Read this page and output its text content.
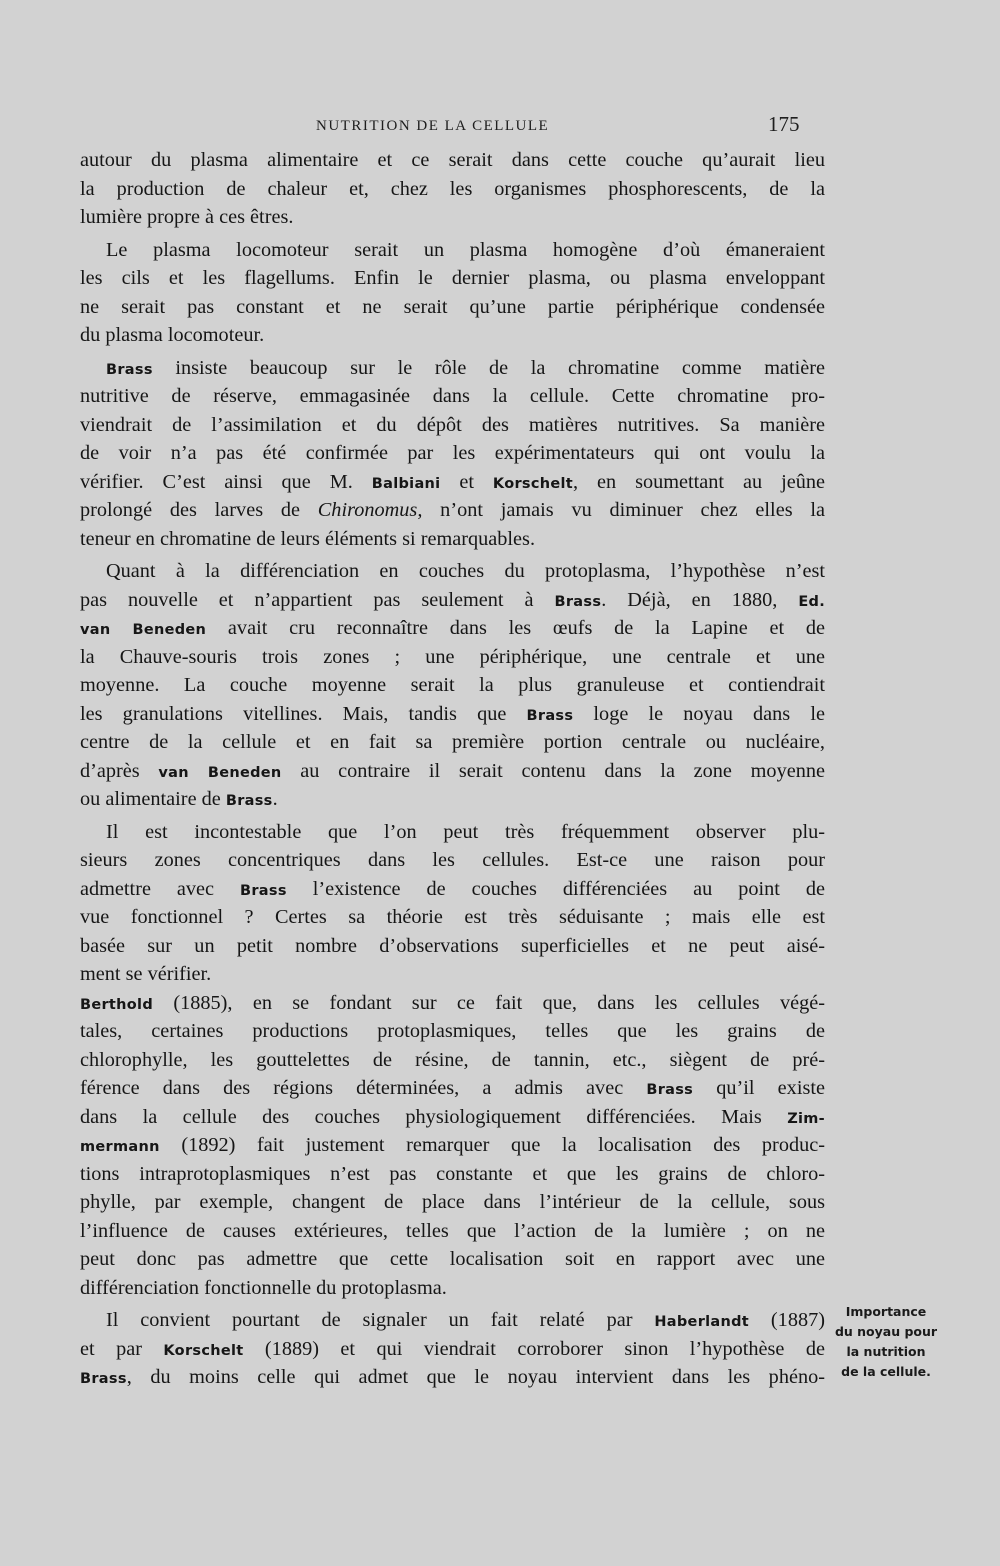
NUTRITION DE LA CELLULE	175
autour du plasma alimentaire et ce serait dans cette couche qu’aurait lieu
la production de chaleur et, chez les organismes phosphorescents, de la
lumière propre à ces êtres.
Le plasma locomoteur serait un plasma homogène d’où émaneraient
les cils et les flagellums. Enfin le dernier plasma, ou plasma enveloppant
ne serait pas constant et ne serait qu’une partie périphérique condensée
du plasma locomoteur.
Brass insiste beaucoup sur le rôle de la chromatine comme matière
nutritive de réserve, emmagasinée dans la cellule. Cette chromatine pro-
viendrait de l’assimilation et du dépôt des matières nutritives. Sa manière
de voir n’a pas été confirmée par les expérimentateurs qui ont voulu la
vérifier. C’est ainsi que M. Balbiani et Korschelt, en soumettant au jeûne
prolongé des larves de Chironomus, n’ont jamais vu diminuer chez elles la
teneur en chromatine de leurs éléments si remarquables.
Quant à la différenciation en couches du protoplasma, l’hypothèse n’est
pas nouvelle et n’appartient pas seulement à Brass. Déjà, en 1880, Ed.
van Beneden avait cru reconnaître dans les œufs de la Lapine et de
la Chauve-souris trois zones ; une périphérique, une centrale et une
moyenne. La couche moyenne serait la plus granuleuse et contiendrait
les granulations vitellines. Mais, tandis que Brass loge le noyau dans le
centre de la cellule et en fait sa première portion centrale ou nucléaire,
d’après van Beneden au contraire il serait contenu dans la zone moyenne
ou alimentaire de Brass.
Il est incontestable que l’on peut très fréquemment observer plu-
sieurs zones concentriques dans les cellules. Est-ce une raison pour
admettre avec Brass l’existence de couches différenciées au point de
vue fonctionnel ? Certes sa théorie est très séduisante ; mais elle est
basée sur un petit nombre d’observations superficielles et ne peut aisé-
ment se vérifier.
Berthold (1885), en se fondant sur ce fait que, dans les cellules végé-
tales, certaines productions protoplasmiques, telles que les grains de
chlorophylle, les gouttelettes de résine, de tannin, etc., siègent de pré-
férence dans des régions déterminées, a admis avec Brass qu’il existe
dans la cellule des couches physiologiquement différenciées. Mais Zim-
mermann (1892) fait justement remarquer que la localisation des produc-
tions intraprotoplasmiques n’est pas constante et que les grains de chloro-
phylle, par exemple, changent de place dans l’intérieur de la cellule, sous
l’influence de causes extérieures, telles que l’action de la lumière ; on ne
peut donc pas admettre que cette localisation soit en rapport avec une
différenciation fonctionnelle du protoplasma.
Il convient pourtant de signaler un fait relaté par Haberlandt (1887)
et par Korschelt (1889) et qui viendrait corroborer sinon l’hypothèse de
Brass, du moins celle qui admet que le noyau intervient dans les phéno-
Importance
du noyau pour
la nutrition
de la cellule.
